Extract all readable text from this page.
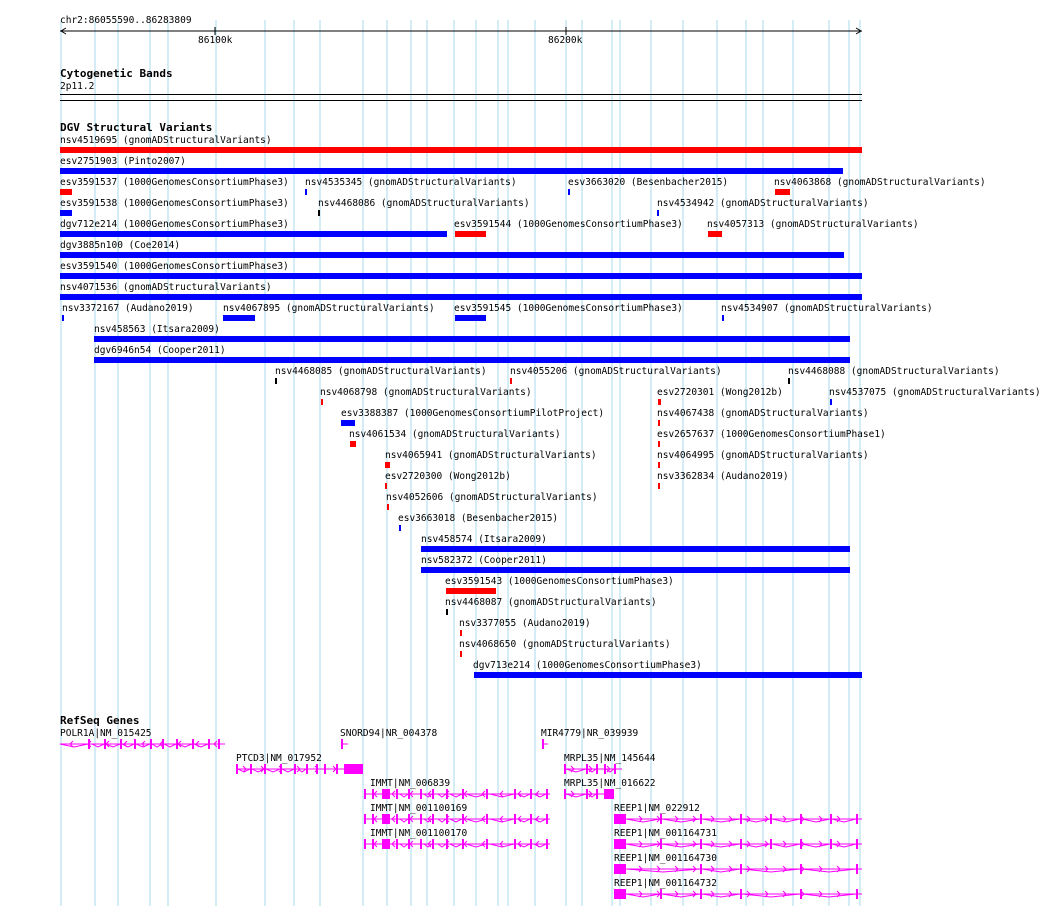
chr2:86055590..86283809
86100k	86200k
Cytogenetic Bands
2p11.2
DGV Structural Variants
nsv4519695 (gnomADStructuralVariants)
esv2751903 (Pinto2007)
esv3591537 (1000GenomesConsortiumPhase3) nsv4535345 (gnomADStructuralVariants)	esv3663020 (Besenbacher2015)	nsv4063868 (gnomADStructuralVariants)
esv3591538 (1000GenomesConsortiumPhase3)	nsv4468086 (gnomADStructuralVariants)	nsv4534942 (gnomADStructuralVariants)
dgv712e214 (1000GenomesConsortiumPhase3)	esv3591544 (1000GenomesConsortiumPhase3)	nsv4057313 (gnomADStructuralVariants)
dgv3885n100 (Coe2014)
esv3591540 (1000GenomesConsortiumPhase3)
nsv4071536 (gnomADStructuralVariants)
nsv3372167 (Audano2019)	nsv4067895 (gnomADStructuralVariants) esv3591545 (1000GenomesConsortiumPhase3)	nsv4534907 (gnomADStructuralVariants)
nsv458563 (Itsara2009)
dgv6946n54 (Cooper2011)
nsv4468085 (gnomADStructuralVariants) nsv4055206 (gnomADStructuralVariants)	nsv4468088 (gnomADStructuralVariants)
nsv4068798 (gnomADStructuralVariants)	esv2720301 (Wong2012b)	nsv4537075 (gnomADStructuralVariants)
esv3388387 (1000GenomesConsortiumPilotProject)	nsv4067438 (gnomADStructuralVariants)
nsv4061534 (gnomADStructuralVariants)	esv2657637 (1000GenomesConsortiumPhase1)
nsv4065941 (gnomADStructuralVariants)	nsv4064995 (gnomADStructuralVariants)
esv2720300 (Wong2012b)	nsv3362834 (Audano2019)
nsv4052606 (gnomADStructuralVariants)
esv3663018 (Besenbacher2015)
nsv458574 (Itsara2009)
nsv582372 (Cooper2011)
esv3591543 (1000GenomesConsortiumPhase3)
nsv4468087 (gnomADStructuralVariants)
nsv3377055 (Audano2019)
nsv4068650 (gnomADStructuralVariants)
dgv713e214 (1000GenomesConsortiumPhase3)
RefSeq Genes
POLR1A|NM_015425
PTCD3|NM_017952
SNORD94|NR_004378	MIR4779|NR_039939
MRPL35|NM_145644
IMMT|NM_006839	MRPL35|NM_016622
IMMT|NM_001100169	REEP1|NM_022912
IMMT|NM_001100170	REEP1|NM_001164731
REEP1|NM_001164730
REEP1|NM_001164732
